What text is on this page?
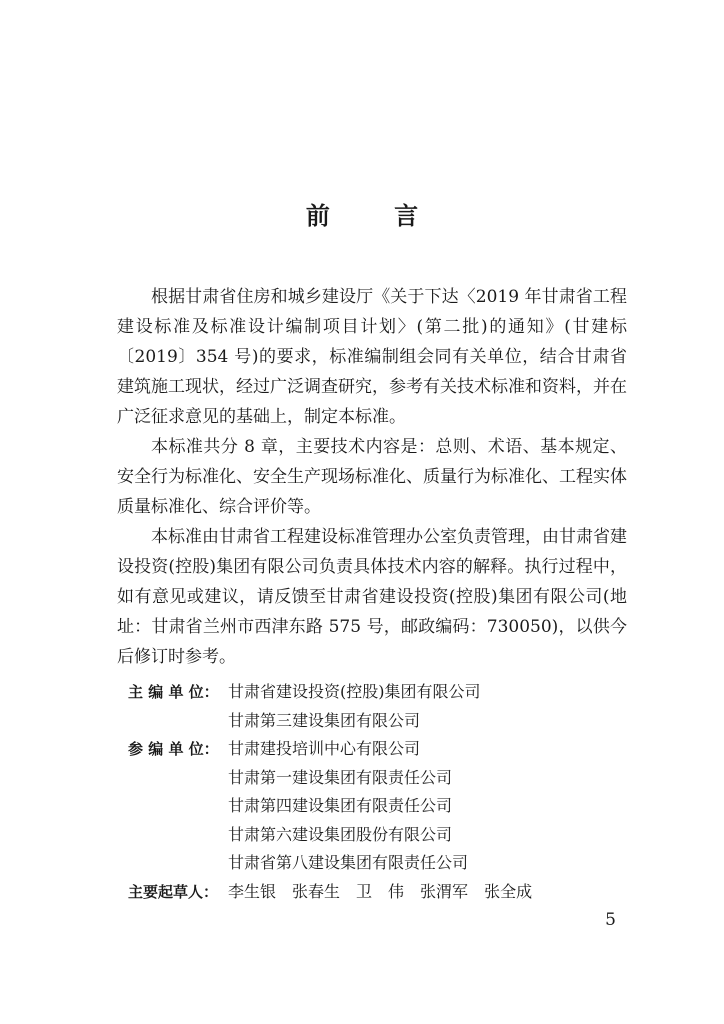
前 言

根据甘肃省住房和城乡建设厅《关于下达〈2019 年甘肃省工程建设标准及标准设计编制项目计划〉(第二批)的通知》(甘建标〔2019〕354 号)的要求，标准编制组会同有关单位，结合甘肃省建筑施工现状，经过广泛调查研究，参考有关技术标准和资料，并在广泛征求意见的基础上，制定本标准。

本标准共分 8 章，主要技术内容是：总则、术语、基本规定、安全行为标准化、安全生产现场标准化、质量行为标准化、工程实体质量标准化、综合评价等。

本标准由甘肃省工程建设标准管理办公室负责管理，由甘肃省建设投资(控股)集团有限公司负责具体技术内容的解释。执行过程中，如有意见或建议，请反馈至甘肃省建设投资(控股)集团有限公司(地址：甘肃省兰州市西津东路 575 号，邮政编码：730050)，以供今后修订时参考。

主 编 单 位： 甘肃省建设投资(控股)集团有限公司
甘肃第三建设集团有限公司
参 编 单 位： 甘肃建投培训中心有限公司
甘肃第一建设集团有限责任公司
甘肃第四建设集团有限责任公司
甘肃第六建设集团股份有限公司
甘肃省第八建设集团有限责任公司
主要起草人： 李生银 张春生 卫　伟 张渭军 张全成
5
